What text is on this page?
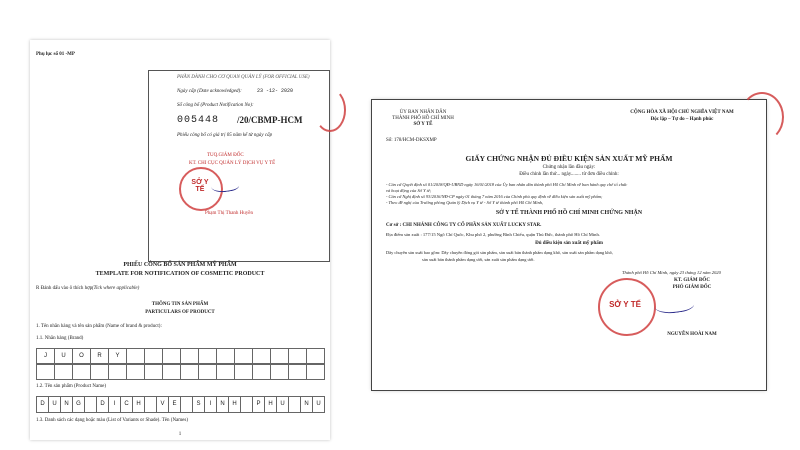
Phụ lục số 01 -MP
PHẦN DÀNH CHO CƠ QUAN QUẢN LÝ (FOR OFFICIAL USE)
Ngày cấp (Date acknowledged):	23 -12- 2020
Số công bố (Product Notification No):
005448 /20/CBMP-HCM
Phiếu công bố có giá trị 05 năm kể từ ngày cấp
TUQ.GIÁM ĐỐC
KT. CHI CỤC QUẢN LÝ DỊCH VỤ Y TẾ
SỞ Y TẾ
Phạm Thị Thanh Huyền
PHIẾU CÔNG BỐ SẢN PHẨM MỸ PHẨM
TEMPLATE FOR NOTIFICATION OF COSMETIC PRODUCT
R Đánh dấu vào ô thích hợp (Tick where applicable)
THÔNG TIN SẢN PHẨM
PARTICULARS OF PRODUCT
1. Tên nhãn hàng và tên sản phẩm (Name of brand & product):
1.1. Nhãn hàng (Brand)
J	U	O	R	Y
1.2. Tên sản phẩm (Product Name)
D	U	N	G	D	I	C	H	V	E	S	I	N	H	P	H	U	N	U
1.3. Danh sách các dạng hoặc màu (List of Variants or Shade). Tên (Names)
1
ỦY BAN NHÂN DÂN
THÀNH PHỐ HỒ CHÍ MINH
SỞ Y TẾ
CỘNG HÒA XÃ HỘI CHỦ NGHĨA VIỆT NAM
Độc lập – Tự do – Hạnh phúc
Số: 178/HCM-DKSXMP
GIẤY CHỨNG NHẬN ĐỦ ĐIỀU KIỆN SẢN XUẤT MỸ PHẨM
Chứng nhận lần đầu ngày:
Điều chỉnh lần thứ... ngày........ từ đơn điều chỉnh:
- Căn cứ Quyết định số 01/2018/QĐ-UBND ngày 16/01/2018 của Ủy ban nhân dân thành phố Hồ Chí Minh về ban hành quy chế tổ chức
và hoạt động của Sở Y tế;
- Căn cứ Nghị định số 93/2016/NĐ-CP ngày 01 tháng 7 năm 2016 của Chính phủ quy định về điều kiện sản xuất mỹ phẩm;
- Theo đề nghị của Trưởng phòng Quản lý Dịch vụ Y tế - Sở Y tế thành phố Hồ Chí Minh,
SỞ Y TẾ THÀNH PHỐ HỒ CHÍ MINH CHỨNG NHẬN
Cơ sở : CHI NHÁNH CÔNG TY CỔ PHẦN SẢN XUẤT LUCKY STAR.
Địa điểm sản xuất : 177/15 Ngô Chí Quốc, Khu phố 2, phường Bình Chiểu, quận Thủ Đức, thành phố Hồ Chí Minh.
Đủ điều kiện sản xuất mỹ phẩm
Dây chuyền sản xuất bao gồm: Dây chuyền đóng gói sản phẩm, sản xuất bán thành phẩm dạng khô, sản xuất sản phẩm dạng khô,
sản xuất bán thành phẩm dạng ướt, sản xuất sản phẩm dạng ướt.
Thành phố Hồ Chí Minh, ngày 23 tháng 12 năm 2020
KT. GIÁM ĐỐC
PHÓ GIÁM ĐỐC
SỞ Y TẾ
NGUYỄN HOÀI NAM
